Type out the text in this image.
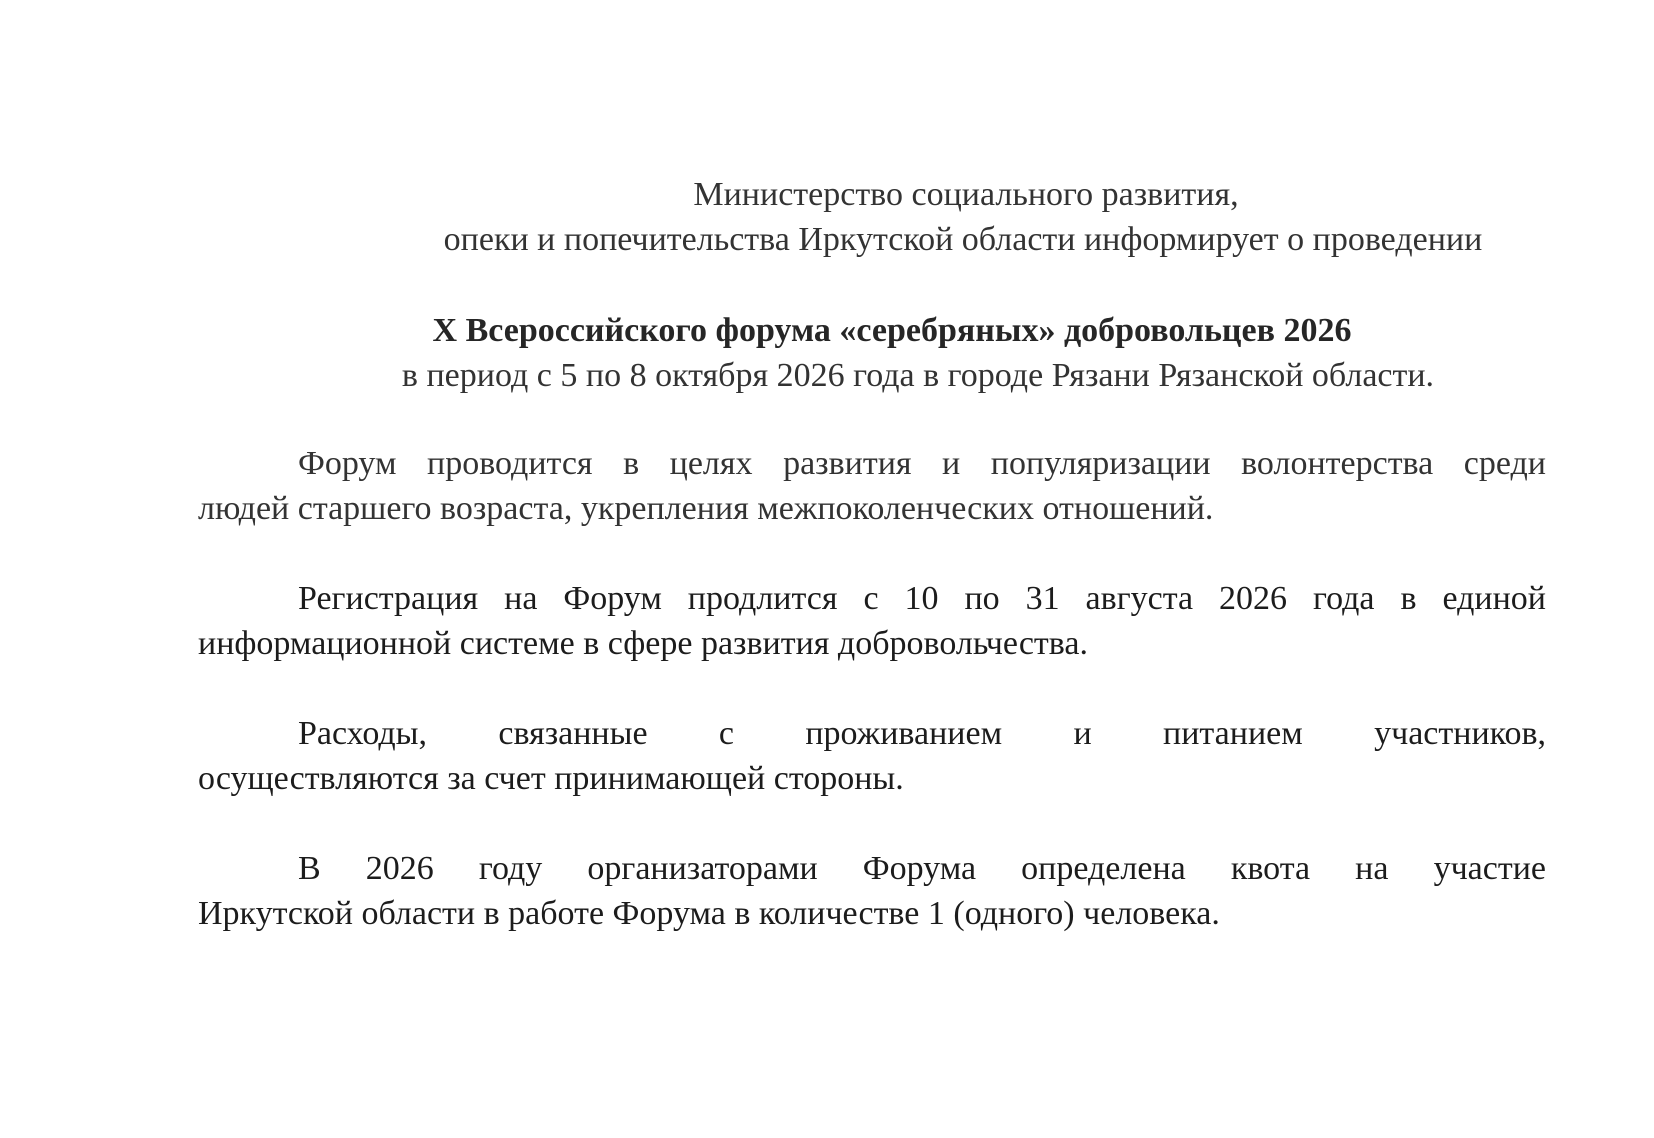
Министерство социального развития,
опеки и попечительства Иркутской области информирует о проведении
X Всероссийского форума «серебряных» добровольцев 2026
в период с 5 по 8 октября 2026 года в городе Рязани Рязанской области.
Форум проводится в целях развития и популяризации волонтерства среди
людей старшего возраста, укрепления межпоколенческих отношений.
Регистрация на Форум продлится с 10 по 31 августа 2026 года в единой
информационной системе в сфере развития добровольчества.
Расходы, связанные с проживанием и питанием участников,
осуществляются за счет принимающей стороны.
В 2026 году организаторами Форума определена квота на участие
Иркутской области в работе Форума в количестве 1 (одного) человека.
